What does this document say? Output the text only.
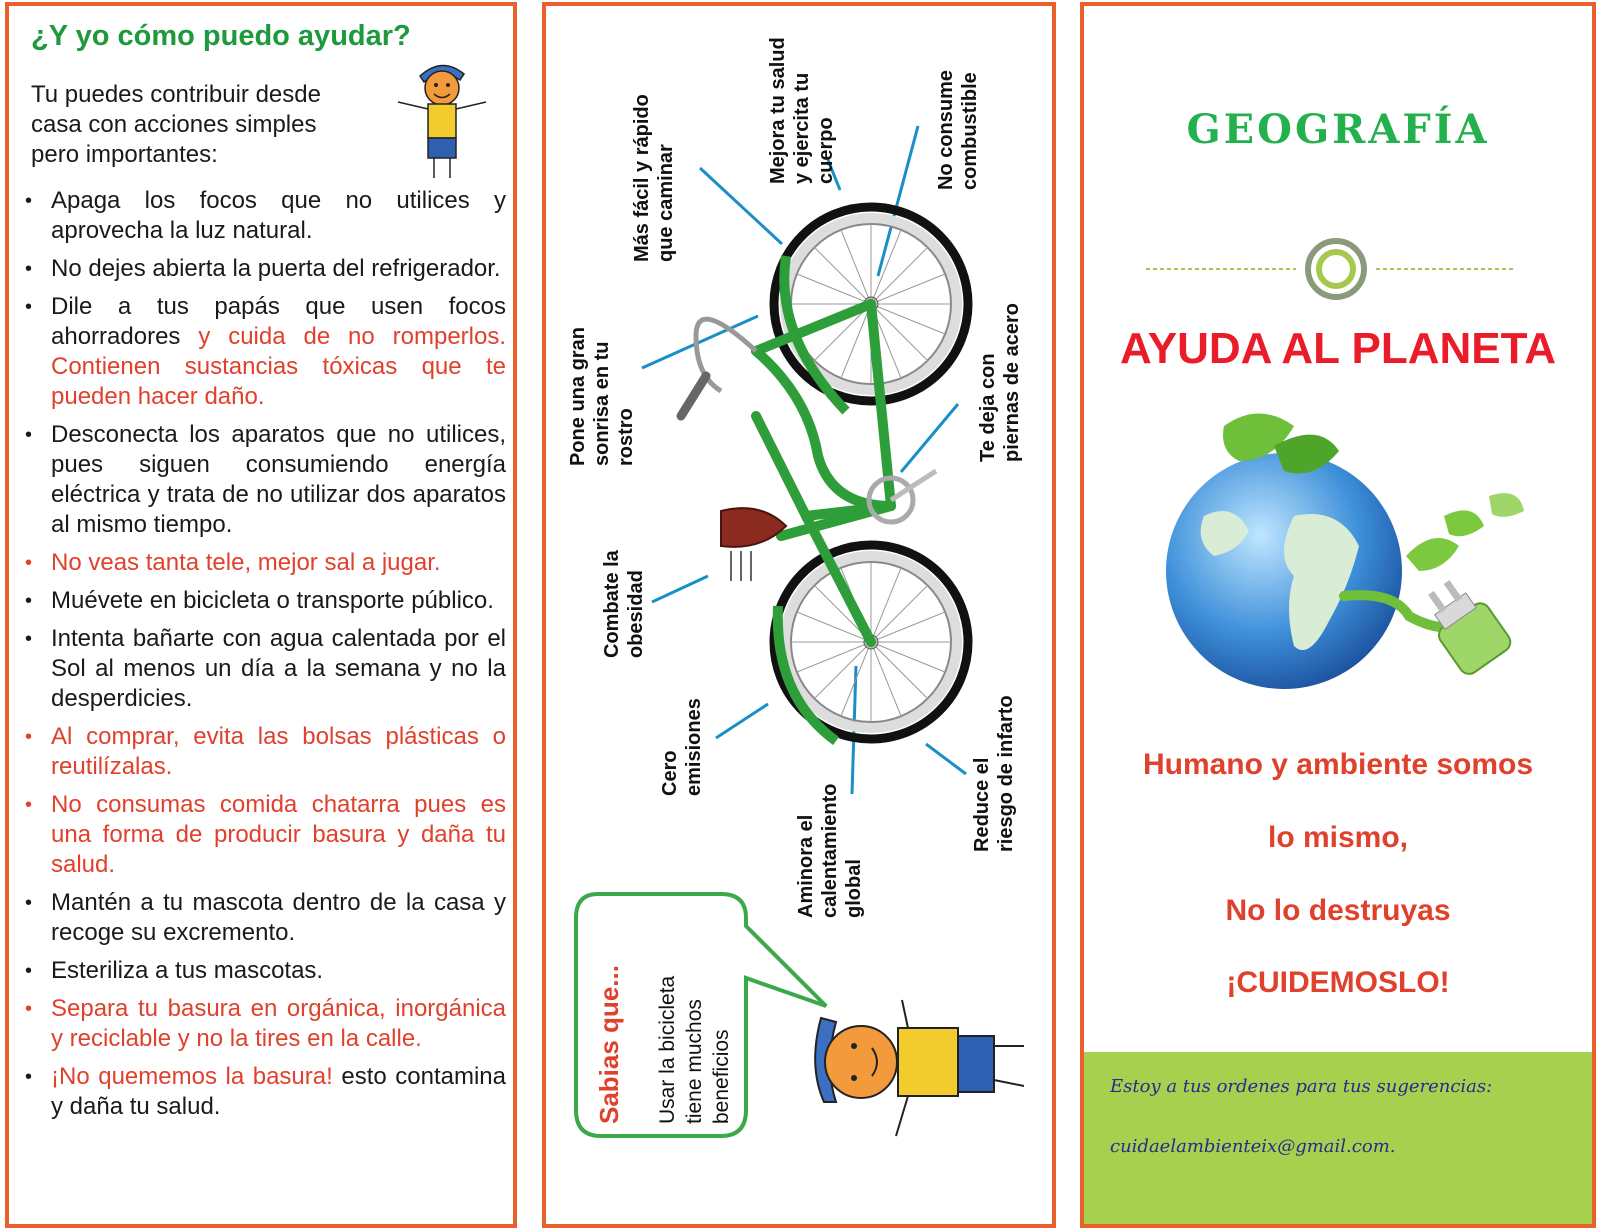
¿Y yo cómo puedo ayudar?
Tu puedes contribuir desde casa con acciones simples pero importantes:
• Apaga los focos que no utilices y aprovecha la luz natural.
• No dejes abierta la puerta del refrigerador.
• Dile a tus papás que usen focos ahorradores y cuida de no romperlos. Contienen sustancias tóxicas que te pueden hacer daño.
• Desconecta los aparatos que no utilices, pues siguen consumiendo energía eléctrica y trata de no utilizar dos aparatos al mismo tiempo.
• No veas tanta tele, mejor sal a jugar.
• Muévete en bicicleta o transporte público.
• Intenta bañarte con agua calentada por el Sol al menos un día a la semana y no la desperdicies.
• Al comprar, evita las bolsas plásticas o reutilízalas.
• No consumas comida chatarra pues es una forma de producir basura y daña tu salud.
• Mantén a tu mascota dentro de la casa y recoge su excremento.
• Esteriliza a tus mascotas.
• Separa tu basura en orgánica, inorgánica y reciclable y no la tires en la calle.
• ¡No quememos la basura! esto contamina y daña tu salud.
Pone una gran sonrisa en tu rostro
Más fácil y rápido que caminar
Mejora tu salud y ejercita tu cuerpo	No consume combustible
Te deja con piernas de acero
Combate la obesidad
Cero emisiones
Aminora el calentamiento global
Reduce el riesgo de infarto
Sabias que... Usar la bicicleta tiene muchos beneficios
GEOGRAFÍA
AYUDA AL PLANETA
Humano y ambiente somos
lo mismo,
No lo destruyas
¡CUIDEMOSLO!
Estoy a tus ordenes para tus sugerencias:
cuidaelambienteix@gmail.com.
